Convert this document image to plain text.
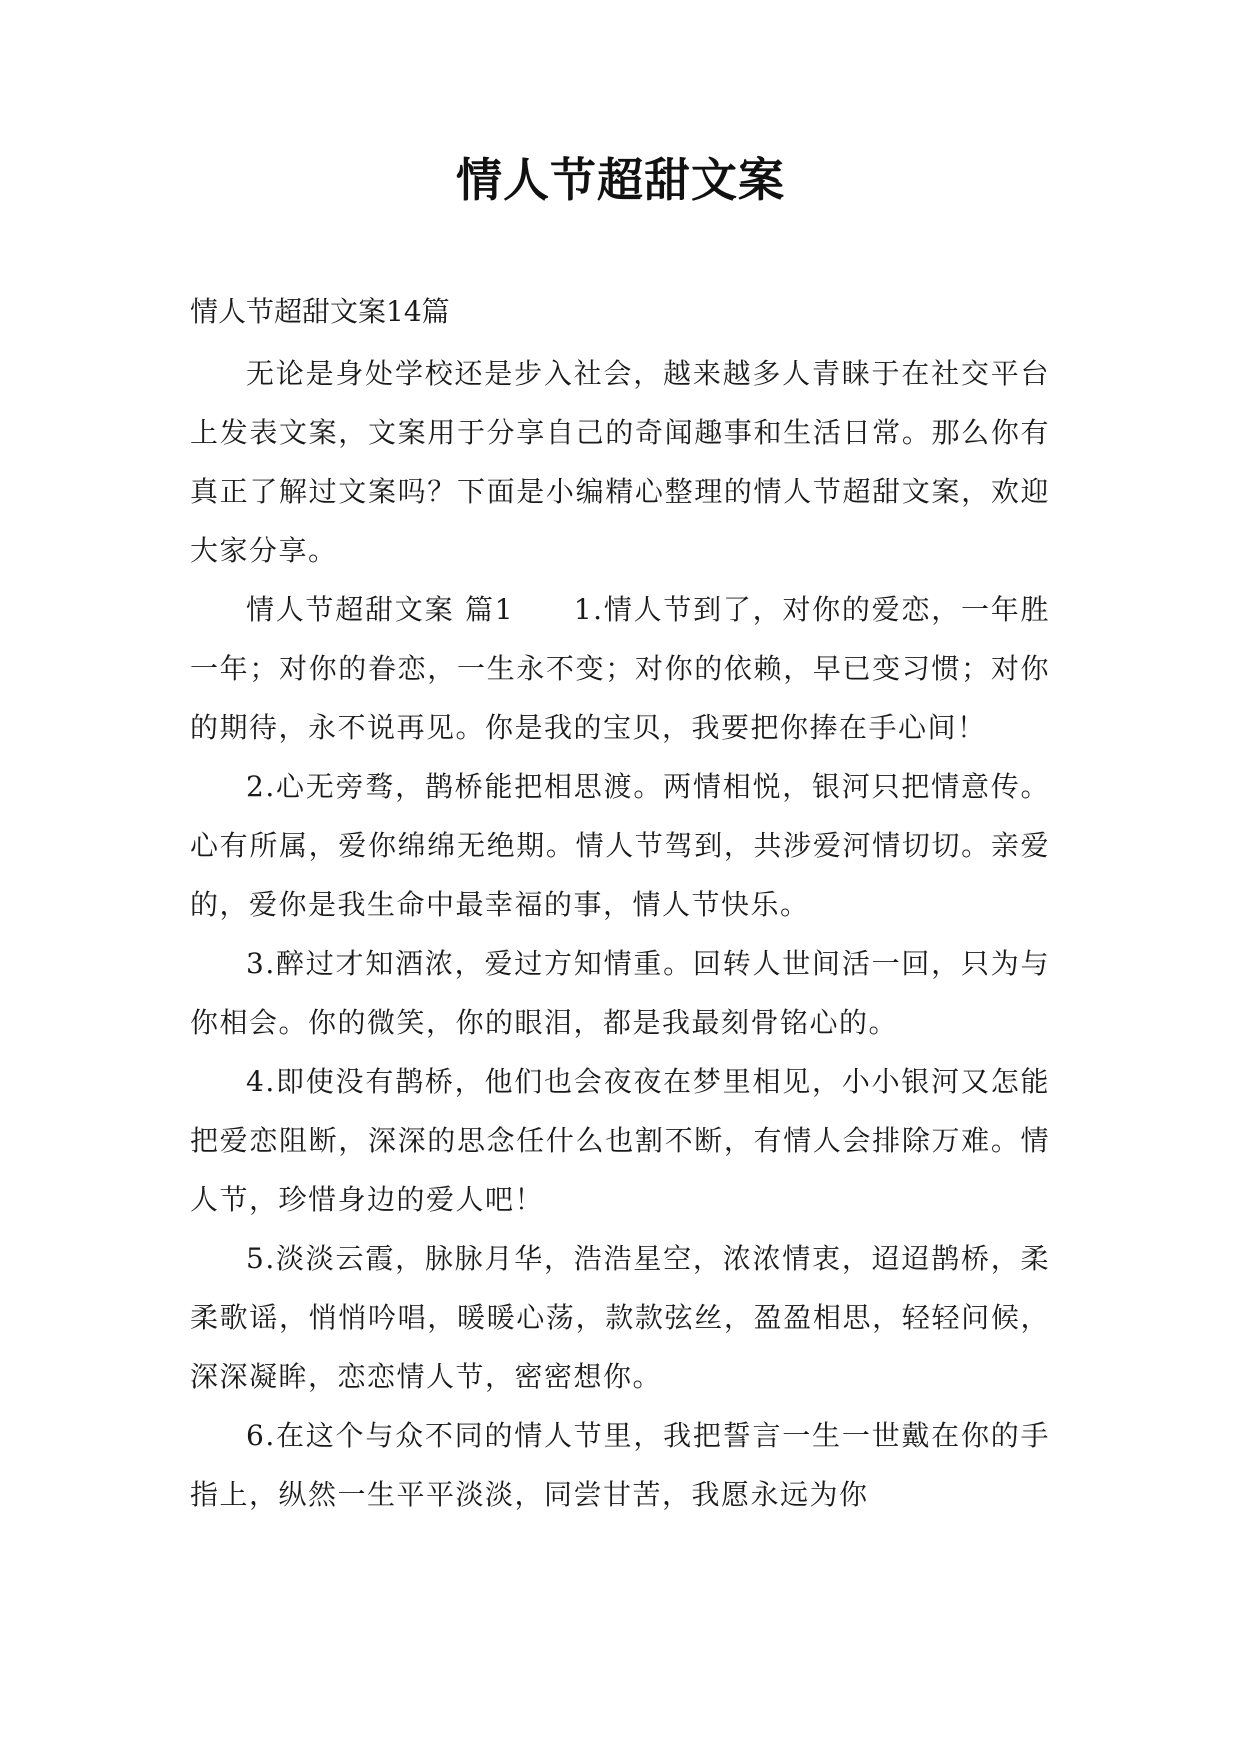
情人节超甜文案

情人节超甜文案14篇

无论是身处学校还是步入社会，越来越多人青睐于在社交平台上发表文案，文案用于分享自己的奇闻趣事和生活日常。那么你有真正了解过文案吗？下面是小编精心整理的情人节超甜文案，欢迎大家分享。

情人节超甜文案 篇1　　1.情人节到了，对你的爱恋，一年胜一年；对你的眷恋，一生永不变；对你的依赖，早已变习惯；对你的期待，永不说再见。你是我的宝贝，我要把你捧在手心间！

2.心无旁骛，鹊桥能把相思渡。两情相悦，银河只把情意传。心有所属，爱你绵绵无绝期。情人节驾到，共涉爱河情切切。亲爱的，爱你是我生命中最幸福的事，情人节快乐。

3.醉过才知酒浓，爱过方知情重。回转人世间活一回，只为与你相会。你的微笑，你的眼泪，都是我最刻骨铭心的。

4.即使没有鹊桥，他们也会夜夜在梦里相见，小小银河又怎能把爱恋阻断，深深的思念任什么也割不断，有情人会排除万难。情人节，珍惜身边的爱人吧！

5.淡淡云霞，脉脉月华，浩浩星空，浓浓情衷，迢迢鹊桥，柔柔歌谣，悄悄吟唱，暖暖心荡，款款弦丝，盈盈相思，轻轻问候，深深凝眸，恋恋情人节，密密想你。

6.在这个与众不同的情人节里，我把誓言一生一世戴在你的手指上，纵然一生平平淡淡，同尝甘苦，我愿永远为你
